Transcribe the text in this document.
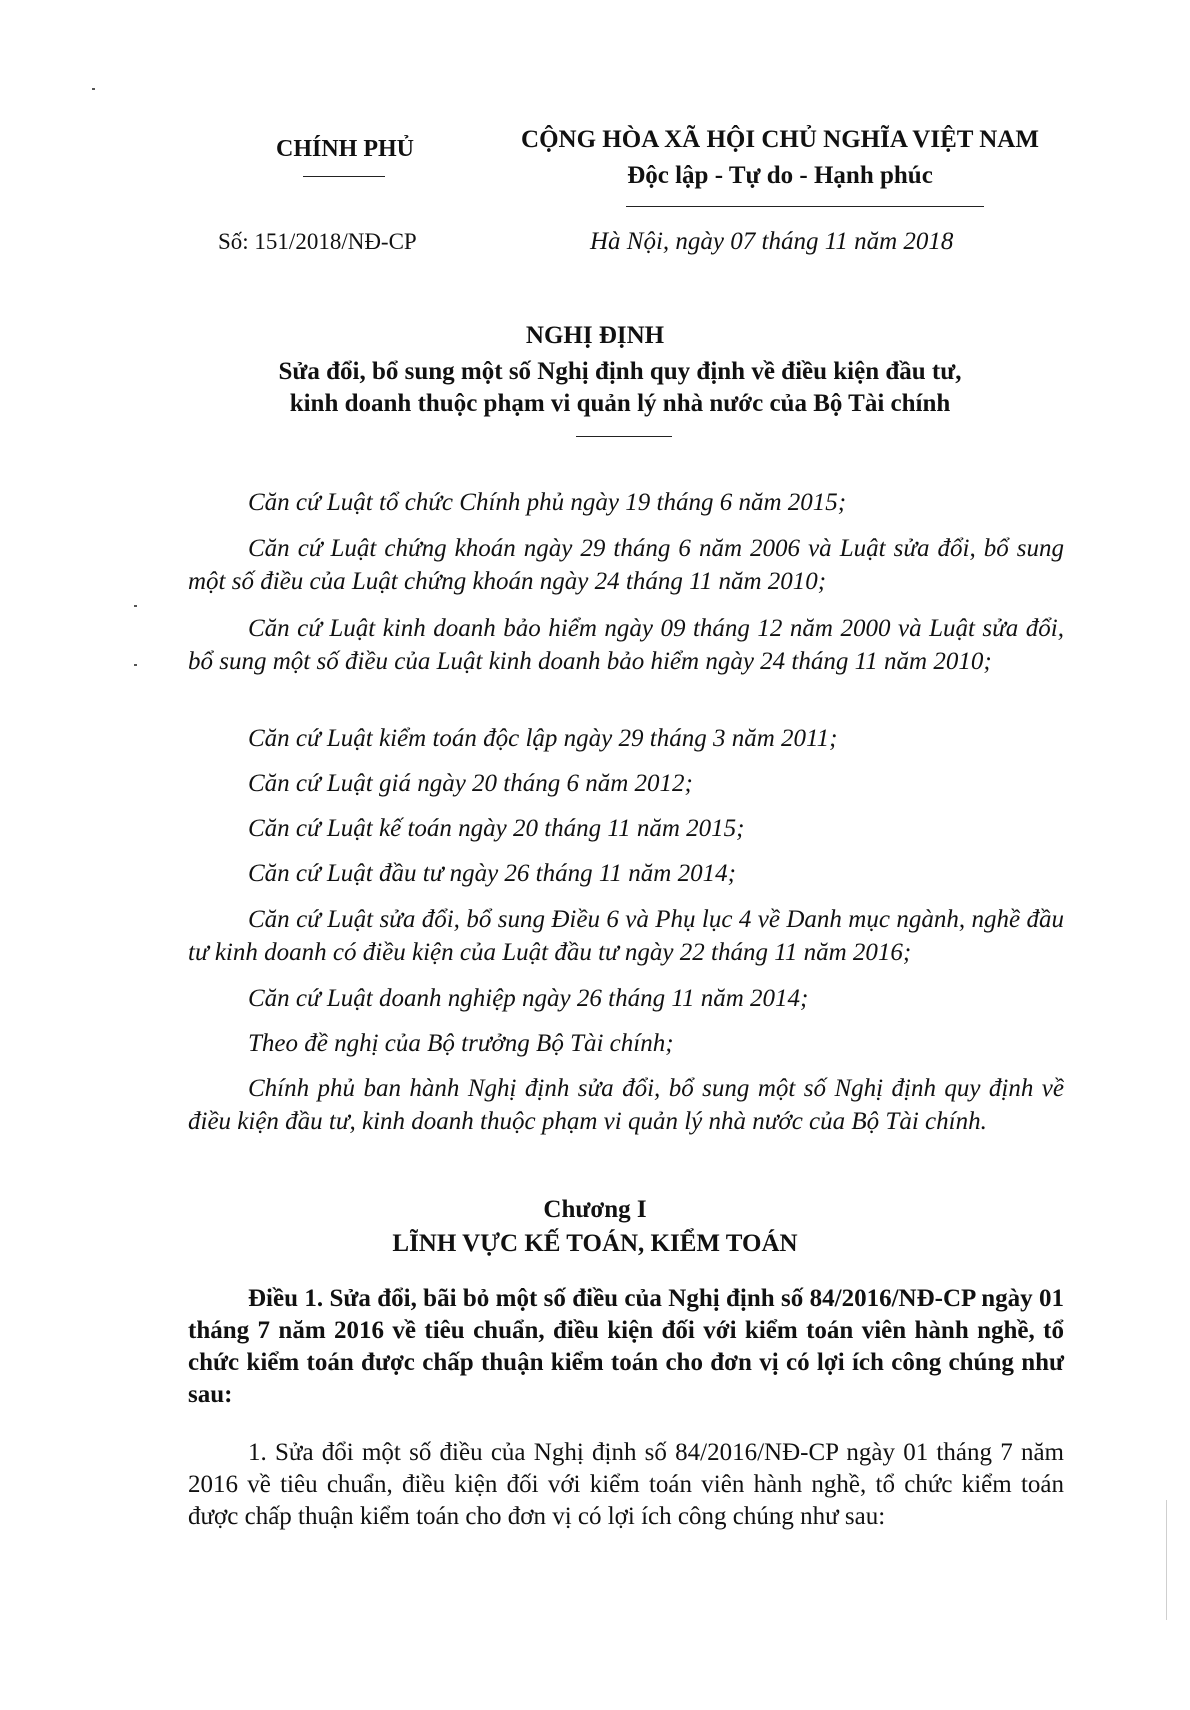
CHÍNH PHỦ	CỘNG HÒA XÃ HỘI CHỦ NGHĨA VIỆT NAM
Độc lập - Tự do - Hạnh phúc
Số: 151/2018/NĐ-CP	Hà Nội, ngày 07 tháng 11 năm 2018
NGHỊ ĐỊNH
Sửa đổi, bổ sung một số Nghị định quy định về điều kiện đầu tư,
kinh doanh thuộc phạm vi quản lý nhà nước của Bộ Tài chính
Căn cứ Luật tổ chức Chính phủ ngày 19 tháng 6 năm 2015;
Căn cứ Luật chứng khoán ngày 29 tháng 6 năm 2006 và Luật sửa đổi, bổ sung một số điều của Luật chứng khoán ngày 24 tháng 11 năm 2010;
Căn cứ Luật kinh doanh bảo hiểm ngày 09 tháng 12 năm 2000 và Luật sửa đổi, bổ sung một số điều của Luật kinh doanh bảo hiểm ngày 24 tháng 11 năm 2010;
Căn cứ Luật kiểm toán độc lập ngày 29 tháng 3 năm 2011;
Căn cứ Luật giá ngày 20 tháng 6 năm 2012;
Căn cứ Luật kế toán ngày 20 tháng 11 năm 2015;
Căn cứ Luật đầu tư ngày 26 tháng 11 năm 2014;
Căn cứ Luật sửa đổi, bổ sung Điều 6 và Phụ lục 4 về Danh mục ngành, nghề đầu tư kinh doanh có điều kiện của Luật đầu tư ngày 22 tháng 11 năm 2016;
Căn cứ Luật doanh nghiệp ngày 26 tháng 11 năm 2014;
Theo đề nghị của Bộ trưởng Bộ Tài chính;
Chính phủ ban hành Nghị định sửa đổi, bổ sung một số Nghị định quy định về điều kiện đầu tư, kinh doanh thuộc phạm vi quản lý nhà nước của Bộ Tài chính.
Chương I
LĨNH VỰC KẾ TOÁN, KIỂM TOÁN
Điều 1. Sửa đổi, bãi bỏ một số điều của Nghị định số 84/2016/NĐ-CP ngày 01 tháng 7 năm 2016 về tiêu chuẩn, điều kiện đối với kiểm toán viên hành nghề, tổ chức kiểm toán được chấp thuận kiểm toán cho đơn vị có lợi ích công chúng như sau:
1. Sửa đổi một số điều của Nghị định số 84/2016/NĐ-CP ngày 01 tháng 7 năm 2016 về tiêu chuẩn, điều kiện đối với kiểm toán viên hành nghề, tổ chức kiểm toán được chấp thuận kiểm toán cho đơn vị có lợi ích công chúng như sau:
